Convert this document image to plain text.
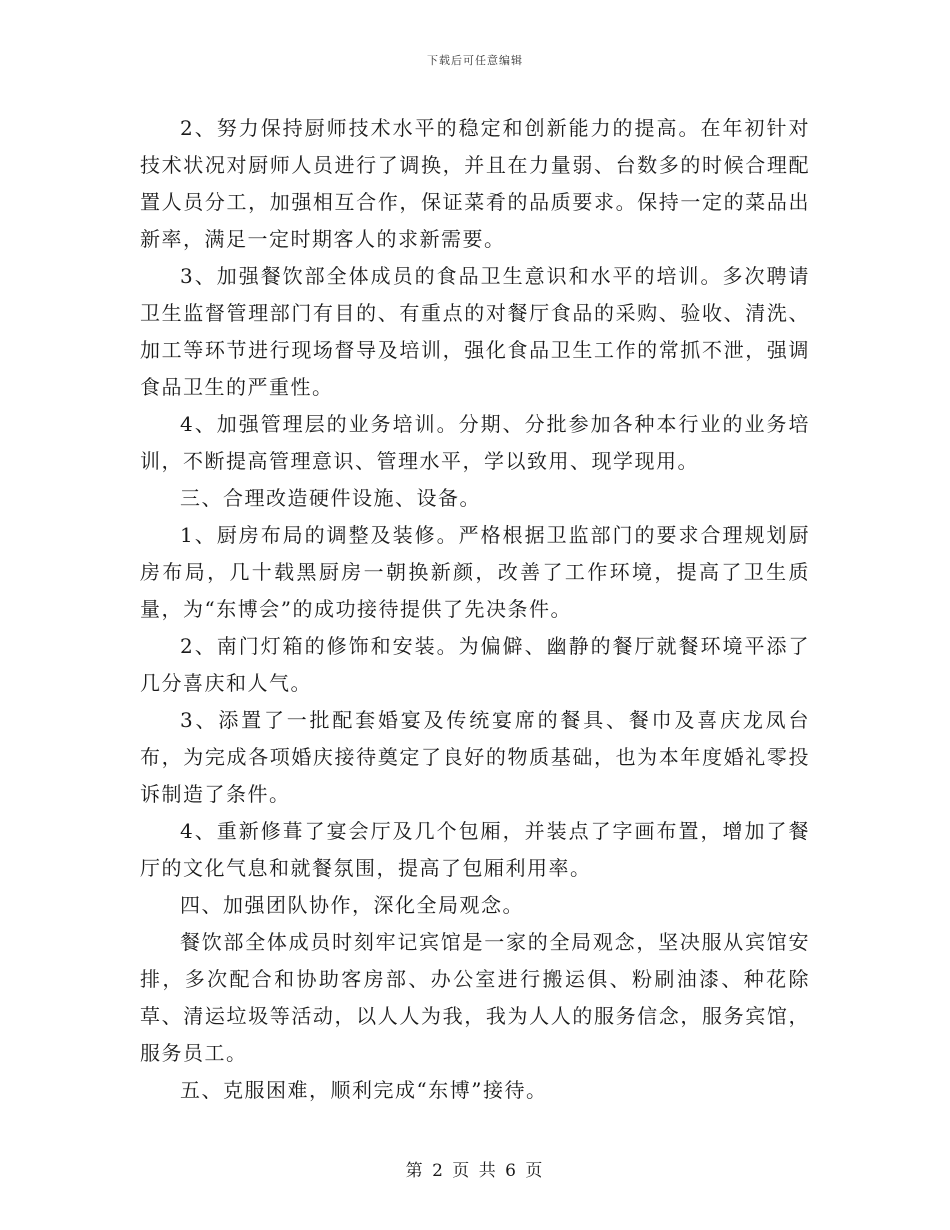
下载后可任意编辑

2、努力保持厨师技术水平的稳定和创新能力的提高。在年初针对技术状况对厨师人员进行了调换，并且在力量弱、台数多的时候合理配置人员分工，加强相互合作，保证菜肴的品质要求。保持一定的菜品出新率，满足一定时期客人的求新需要。

3、加强餐饮部全体成员的食品卫生意识和水平的培训。多次聘请卫生监督管理部门有目的、有重点的对餐厅食品的采购、验收、清洗、加工等环节进行现场督导及培训，强化食品卫生工作的常抓不泄，强调食品卫生的严重性。

4、加强管理层的业务培训。分期、分批参加各种本行业的业务培训，不断提高管理意识、管理水平，学以致用、现学现用。

三、合理改造硬件设施、设备。

1、厨房布局的调整及装修。严格根据卫监部门的要求合理规划厨房布局，几十载黑厨房一朝换新颜，改善了工作环境，提高了卫生质量，为“东博会”的成功接待提供了先决条件。

2、南门灯箱的修饰和安装。为偏僻、幽静的餐厅就餐环境平添了几分喜庆和人气。

3、添置了一批配套婚宴及传统宴席的餐具、餐巾及喜庆龙凤台布，为完成各项婚庆接待奠定了良好的物质基础，也为本年度婚礼零投诉制造了条件。

4、重新修葺了宴会厅及几个包厢，并装点了字画布置，增加了餐厅的文化气息和就餐氛围，提高了包厢利用率。

四、加强团队协作，深化全局观念。

餐饮部全体成员时刻牢记宾馆是一家的全局观念，坚决服从宾馆安排，多次配合和协助客房部、办公室进行搬运俱、粉刷油漆、种花除草、清运垃圾等活动，以人人为我，我为人人的服务信念，服务宾馆，服务员工。

五、克服困难，顺利完成“东博”接待。

第 2 页 共 6 页
